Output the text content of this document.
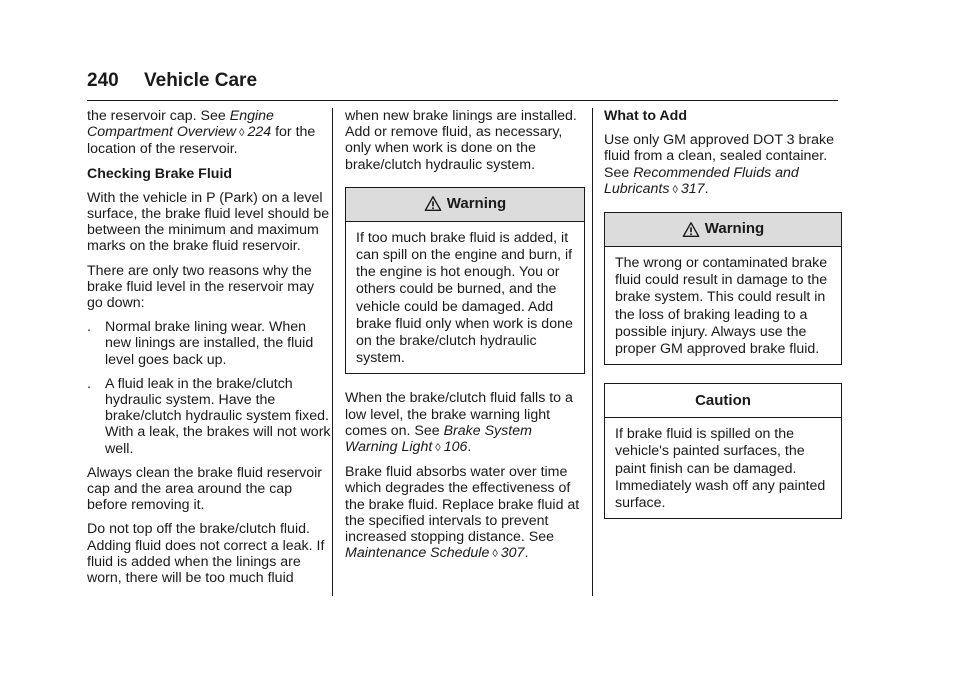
240 Vehicle Care

the reservoir cap. See Engine Compartment Overview ◊ 224 for the location of the reservoir.

Checking Brake Fluid

With the vehicle in P (Park) on a level surface, the brake fluid level should be between the minimum and maximum marks on the brake fluid reservoir.

There are only two reasons why the brake fluid level in the reservoir may go down:

. Normal brake lining wear. When new linings are installed, the fluid level goes back up.
. A fluid leak in the brake/clutch hydraulic system. Have the brake/clutch hydraulic system fixed. With a leak, the brakes will not work well.

Always clean the brake fluid reservoir cap and the area around the cap before removing it.

Do not top off the brake/clutch fluid. Adding fluid does not correct a leak. If fluid is added when the linings are worn, there will be too much fluid

when new brake linings are installed. Add or remove fluid, as necessary, only when work is done on the brake/clutch hydraulic system.

Warning
If too much brake fluid is added, it can spill on the engine and burn, if the engine is hot enough. You or others could be burned, and the vehicle could be damaged. Add brake fluid only when work is done on the brake/clutch hydraulic system.

When the brake/clutch fluid falls to a low level, the brake warning light comes on. See Brake System Warning Light ◊ 106.

Brake fluid absorbs water over time which degrades the effectiveness of the brake fluid. Replace brake fluid at the specified intervals to prevent increased stopping distance. See Maintenance Schedule ◊ 307.

What to Add

Use only GM approved DOT 3 brake fluid from a clean, sealed container. See Recommended Fluids and Lubricants ◊ 317.

Warning
The wrong or contaminated brake fluid could result in damage to the brake system. This could result in the loss of braking leading to a possible injury. Always use the proper GM approved brake fluid.
Caution
If brake fluid is spilled on the vehicle's painted surfaces, the paint finish can be damaged. Immediately wash off any painted surface.
